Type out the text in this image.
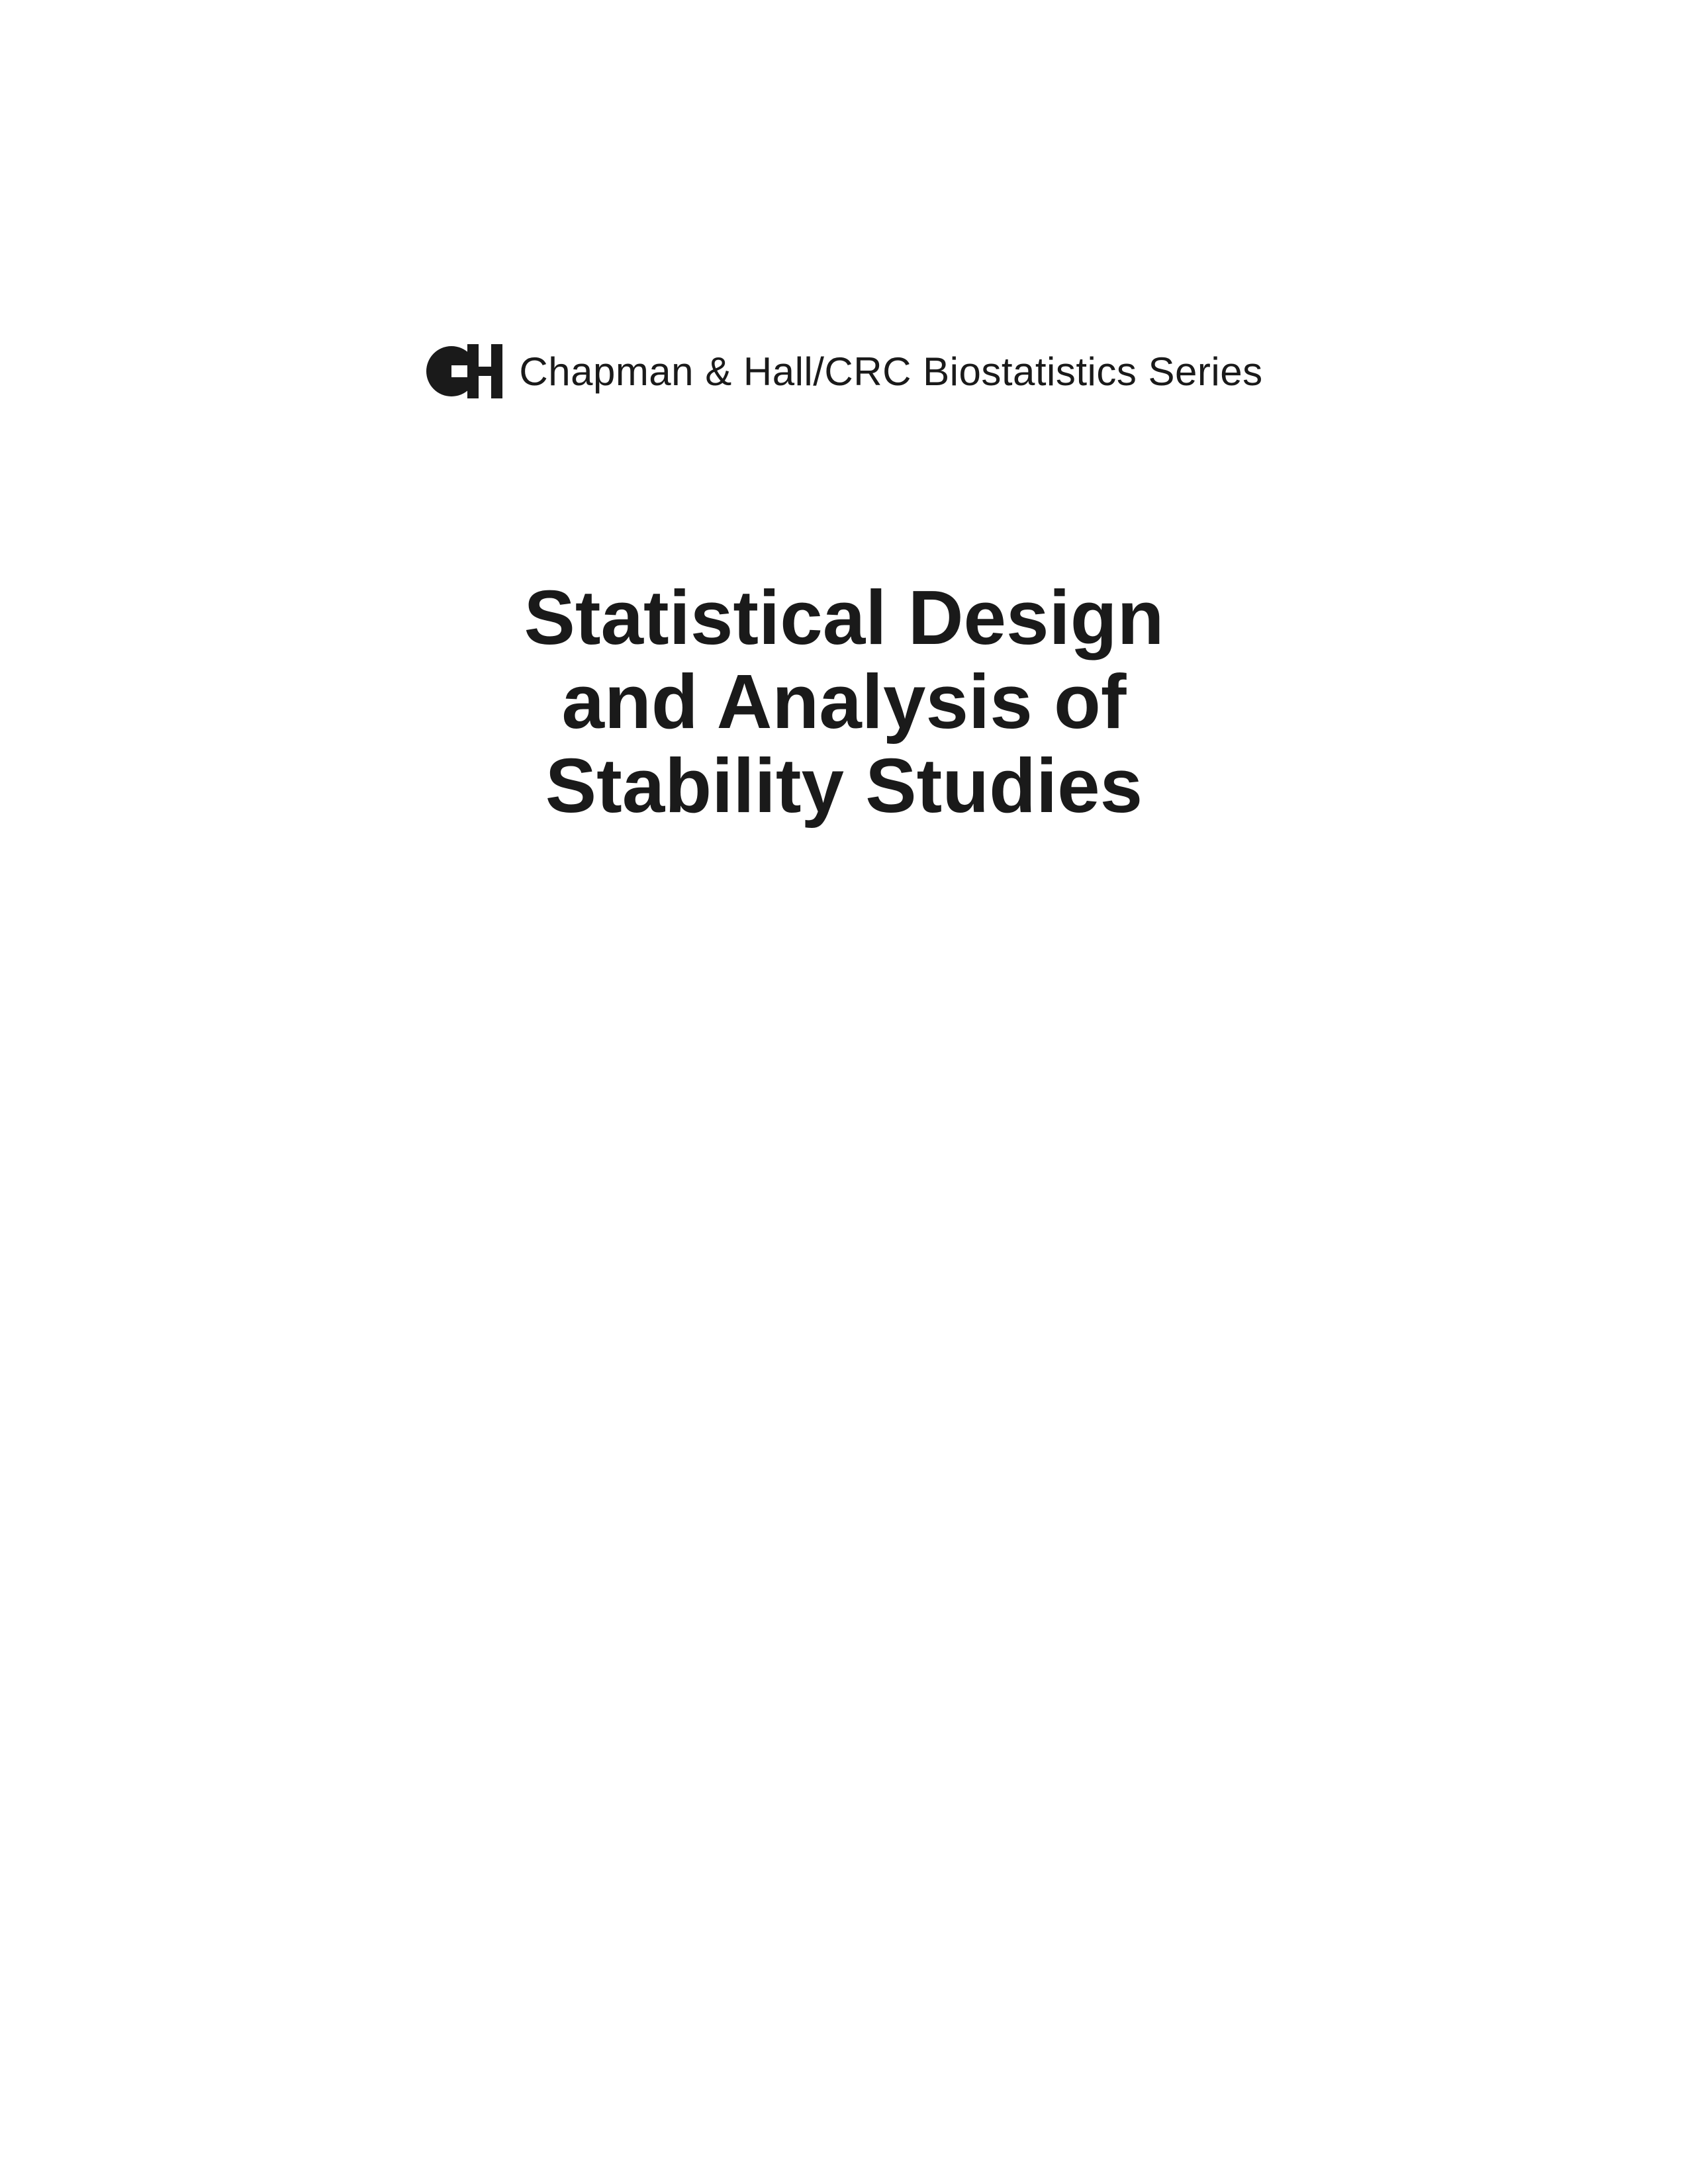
Chapman & Hall/CRC Biostatistics Series
Statistical Design
and Analysis of
Stability Studies
